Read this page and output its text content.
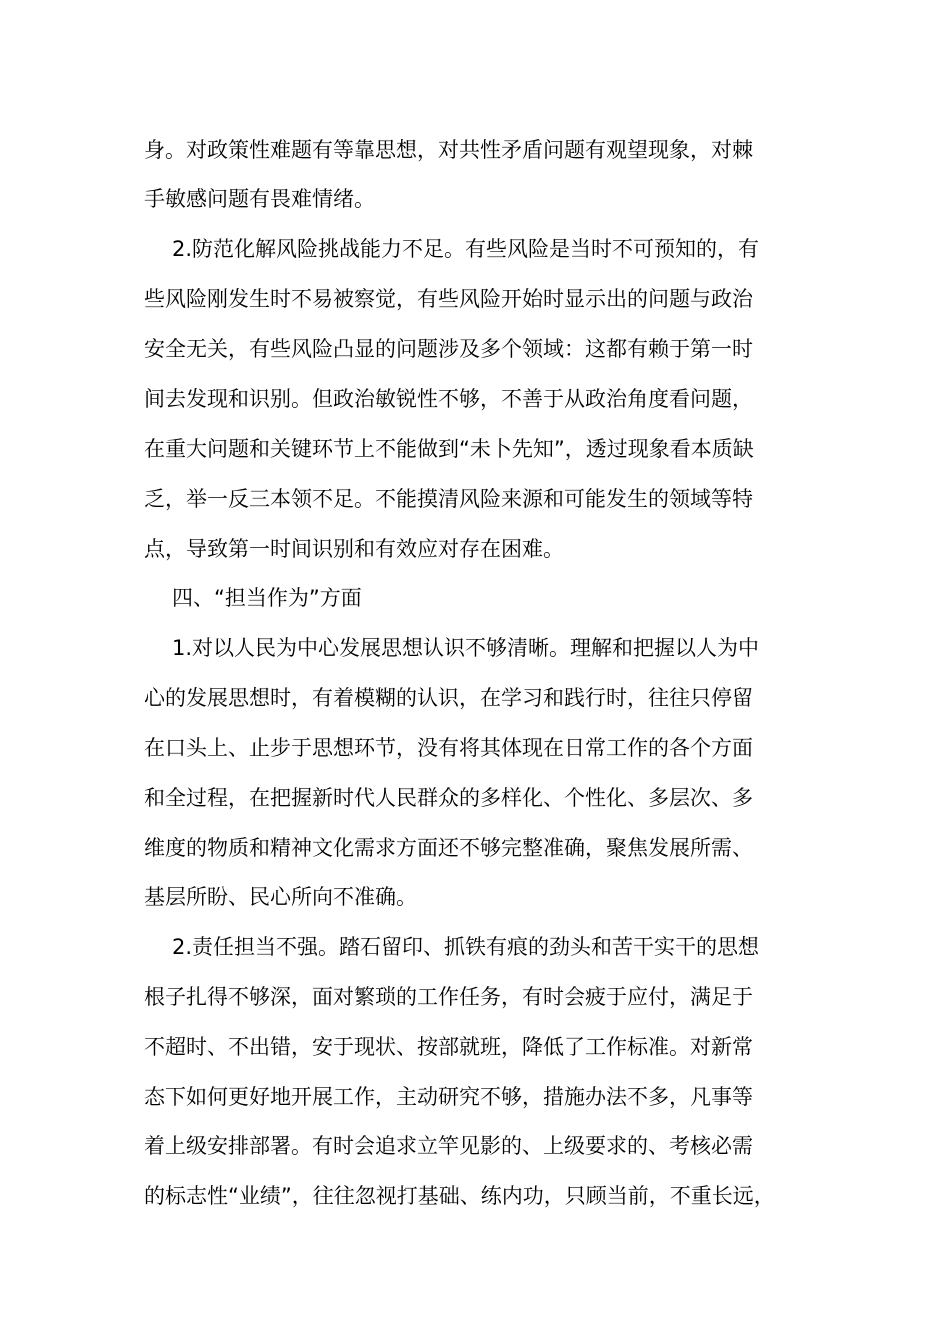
身。对政策性难题有等靠思想，对共性矛盾问题有观望现象，对棘
手敏感问题有畏难情绪。
2.防范化解风险挑战能力不足。有些风险是当时不可预知的，有
些风险刚发生时不易被察觉，有些风险开始时显示出的问题与政治
安全无关，有些风险凸显的问题涉及多个领域：这都有赖于第一时
间去发现和识别。但政治敏锐性不够，不善于从政治角度看问题，
在重大问题和关键环节上不能做到“未卜先知”，透过现象看本质缺
乏，举一反三本领不足。不能摸清风险来源和可能发生的领域等特
点，导致第一时间识别和有效应对存在困难。
四、“担当作为”方面
1.对以人民为中心发展思想认识不够清晰。理解和把握以人为中
心的发展思想时，有着模糊的认识，在学习和践行时，往往只停留
在口头上、止步于思想环节，没有将其体现在日常工作的各个方面
和全过程，在把握新时代人民群众的多样化、个性化、多层次、多
维度的物质和精神文化需求方面还不够完整准确，聚焦发展所需、
基层所盼、民心所向不准确。
2.责任担当不强。踏石留印、抓铁有痕的劲头和苦干实干的思想
根子扎得不够深，面对繁琐的工作任务，有时会疲于应付，满足于
不超时、不出错，安于现状、按部就班，降低了工作标准。对新常
态下如何更好地开展工作，主动研究不够，措施办法不多，凡事等
着上级安排部署。有时会追求立竿见影的、上级要求的、考核必需
的标志性“业绩”，往往忽视打基础、练内功，只顾当前，不重长远，
